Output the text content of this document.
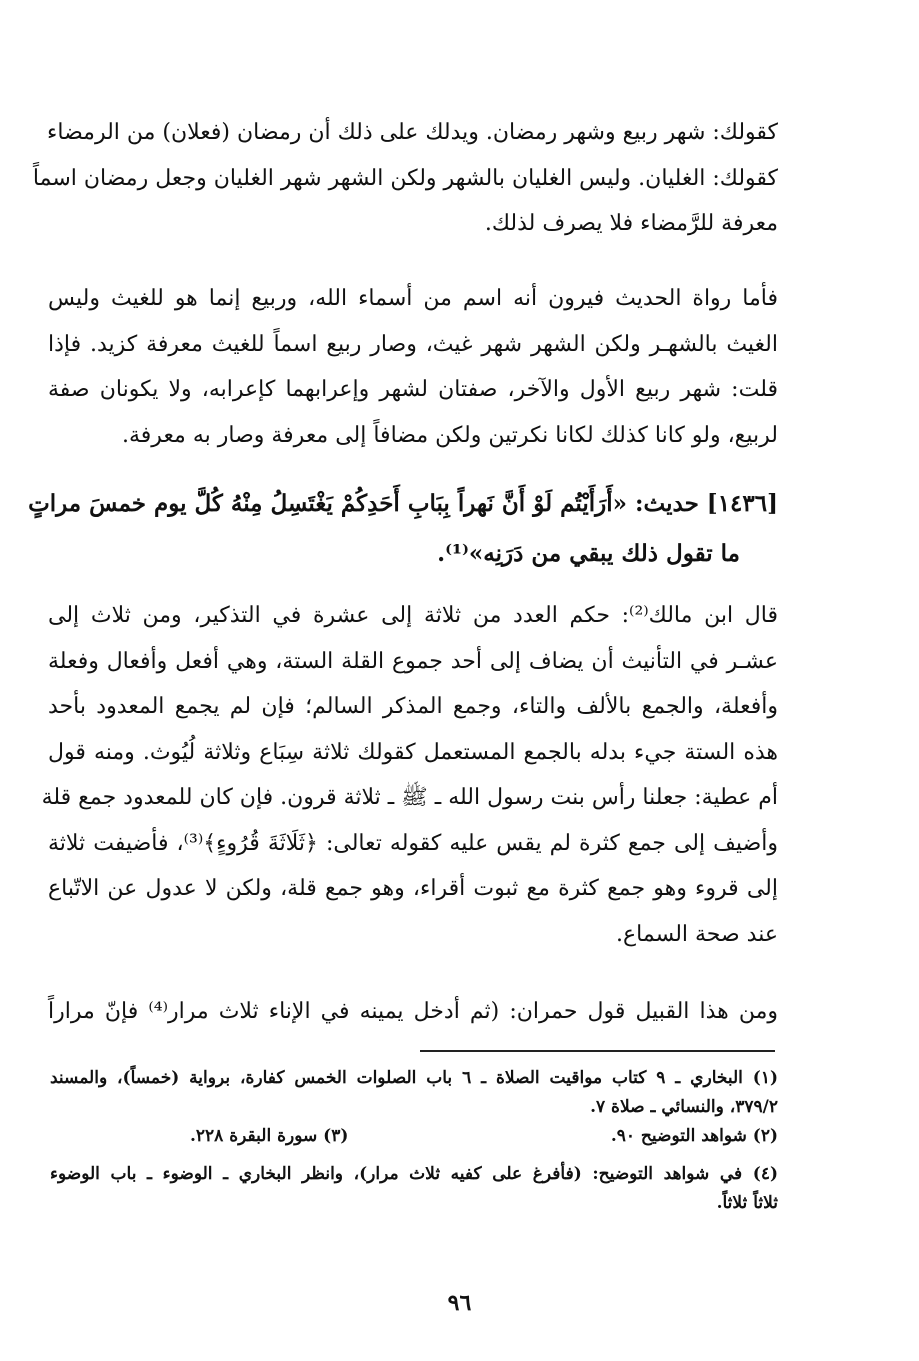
كقولك: شهر ربيع وشهر رمضان. ويدلك على ذلك أن رمضان (فعلان) من الرمضاء
كقولك: الغليان. وليس الغليان بالشهر ولكن الشهر شهر الغليان وجعل رمضان اسماً
معرفة للرَّمضاء فلا يصرف لذلك.
فأما رواة الحديث فيرون أنه اسم من أسماء الله، وربيع إنما هو للغيث وليس
الغيث بالشهـر ولكن الشهر شهر غيث، وصار ربيع اسماً للغيث معرفة كزيد. فإذا
قلت: شهر ربيع الأول والآخر، صفتان لشهر وإعرابهما كإعرابه، ولا يكونان صفة
لربيع، ولو كانا كذلك لكانا نكرتين ولكن مضافاً إلى معرفة وصار به معرفة.
[١٤٣٦] حديث: «أَرَأَيْتُم لَوْ أَنَّ نَهراً بِبَابِ أَحَدِكُمْ يَغْتَسِلُ مِنْهُ كُلَّ يوم خمسَ مراتٍ
ما تقول ذلك يبقي من دَرَنِه»⁽¹⁾.
قال ابن مالك⁽²⁾: حكم العدد من ثلاثة إلى عشرة في التذكير، ومن ثلاث إلى
عشـر في التأنيث أن يضاف إلى أحد جموع القلة الستة، وهي أفعل وأفعال وفعلة
وأفعلة، والجمع بالألف والتاء، وجمع المذكر السالم؛ فإن لم يجمع المعدود بأحد
هذه الستة جيء بدله بالجمع المستعمل كقولك ثلاثة سِبَاع وثلاثة لُيُوث. ومنه قول
أم عطية: جعلنا رأس بنت رسول الله ـ ﷺ ـ ثلاثة قرون. فإن كان للمعدود جمع قلة
وأضيف إلى جمع كثرة لم يقس عليه كقوله تعالى: ﴿ثَلَاثَةَ قُرُوءٍ﴾⁽³⁾، فأضيفت ثلاثة
إلى قروء وهو جمع كثرة مع ثبوت أقراء، وهو جمع قلة، ولكن لا عدول عن الاتّباع
عند صحة السماع.
ومن هذا القبيل قول حمران: (ثم أدخل يمينه في الإناء ثلاث مرار⁽⁴⁾ فإنّ مراراً
(١) البخاري ـ ٩ كتاب مواقيت الصلاة ـ ٦ باب الصلوات الخمس كفارة، برواية (خمساً)، والمسند
٣٧٩/٢، والنسائي ـ صلاة ٧.
(٢) شواهد التوضيح ٩٠.
(٣) سورة البقرة ٢٢٨.
(٤) في شواهد التوضيح: (فأفرغ على كفيه ثلاث مرار)، وانظر البخاري ـ الوضوء ـ باب الوضوء
ثلاثاً ثلاثاً.
٩٦
